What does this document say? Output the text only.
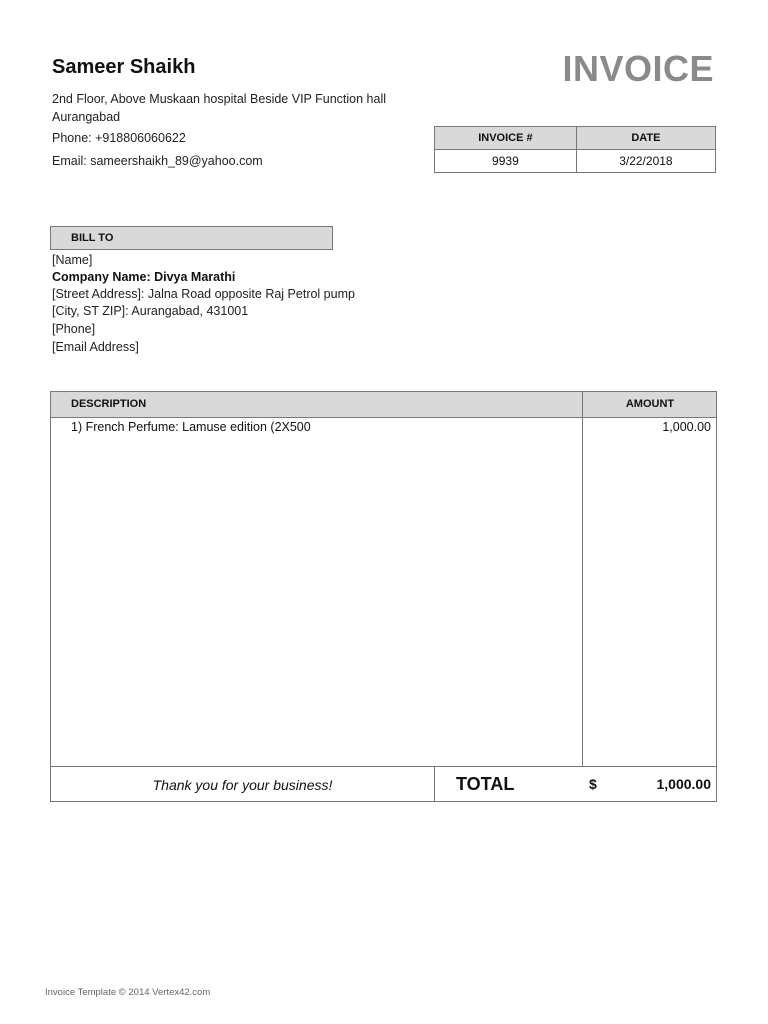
Sameer Shaikh	INVOICE
2nd Floor, Above Muskaan hospital Beside VIP Function hall
Aurangabad
Phone: +918806060622
Email: sameershaikh_89@yahoo.com
INVOICE #	DATE
9939	3/22/2018
BILL TO
[Name]
Company Name: Divya Marathi
[Street Address]: Jalna Road opposite Raj Petrol pump
[City, ST ZIP]: Aurangabad, 431001
[Phone]
[Email Address]
DESCRIPTION	AMOUNT
1) French Perfume: Lamuse edition (2X500	1,000.00
Thank you for your business!	TOTAL	$	1,000.00
Invoice Template © 2014 Vertex42.com
